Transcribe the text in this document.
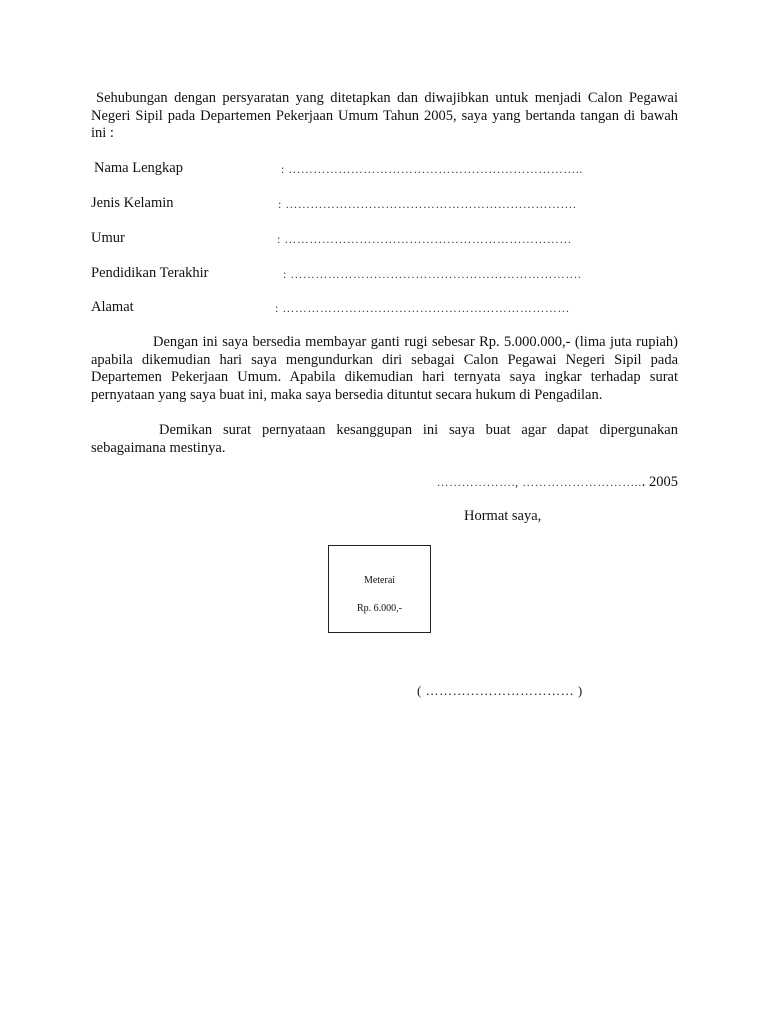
Sehubungan dengan persyaratan yang ditetapkan dan diwajibkan untuk menjadi Calon Pegawai Negeri Sipil pada Departemen Pekerjaan Umum Tahun 2005, saya yang bertanda tangan di bawah ini :

Nama Lengkap	: ……………………………………………………………..
Jenis Kelamin	: …………………………………………………………….
Umur	: ……………………………………………………………
Pendidikan Terakhir	: …………………………………………………………….
Alamat	: ……………………………………………………………

Dengan ini saya bersedia membayar ganti rugi sebesar Rp. 5.000.000,- (lima juta rupiah) apabila dikemudian hari saya mengundurkan diri sebagai Calon Pegawai Negeri Sipil pada Departemen Pekerjaan Umum. Apabila dikemudian hari ternyata saya ingkar terhadap surat pernyataan yang saya buat ini, maka saya bersedia dituntut secara hukum di Pengadilan.

Demikan surat pernyataan kesanggupan ini saya buat agar dapat dipergunakan sebagaimana mestinya.

………………., ………………………... 2005
Hormat saya,
Meterai
Rp. 6.000,-
( …………………………… )
